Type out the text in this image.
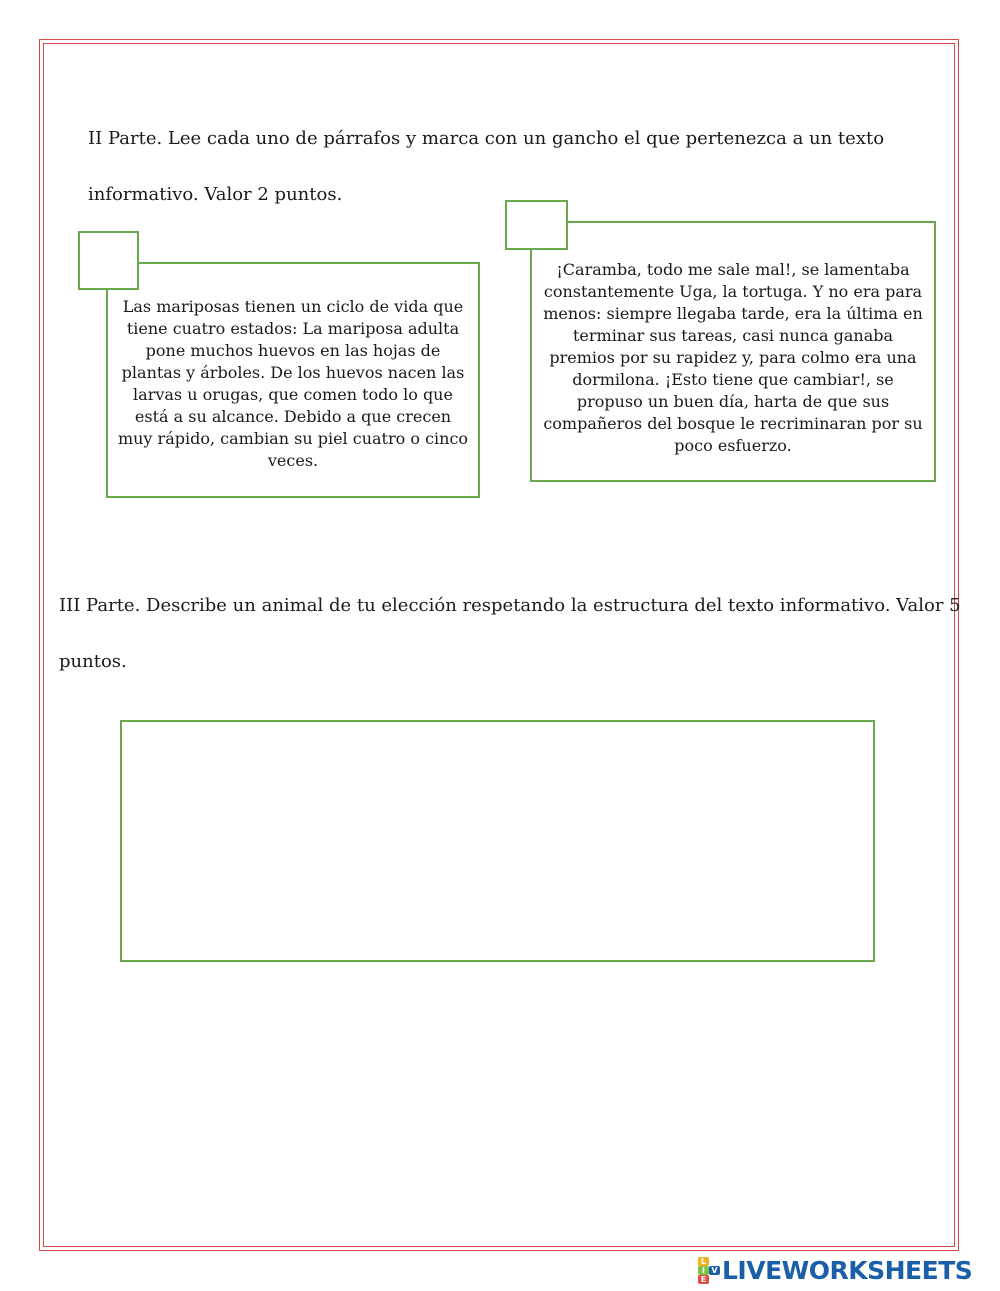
II Parte. Lee cada uno de párrafos y marca con un gancho el que pertenezca a un texto
informativo. Valor 2 puntos.
Las mariposas tienen un ciclo de vida que tiene cuatro estados: La mariposa adulta pone muchos huevos en las hojas de plantas y árboles. De los huevos nacen las larvas u orugas, que comen todo lo que está a su alcance. Debido a que crecen muy rápido, cambian su piel cuatro o cinco veces.
¡Caramba, todo me sale mal!, se lamentaba constantemente Uga, la tortuga. Y no era para menos: siempre llegaba tarde, era la última en terminar sus tareas, casi nunca ganaba premios por su rapidez y, para colmo era una dormilona. ¡Esto tiene que cambiar!, se propuso un buen día, harta de que sus compañeros del bosque le recriminaran por su poco esfuerzo.
III Parte. Describe un animal de tu elección respetando la estructura del texto informativo. Valor 5
puntos.
L
I V
E LIVEWORKSHEETS
